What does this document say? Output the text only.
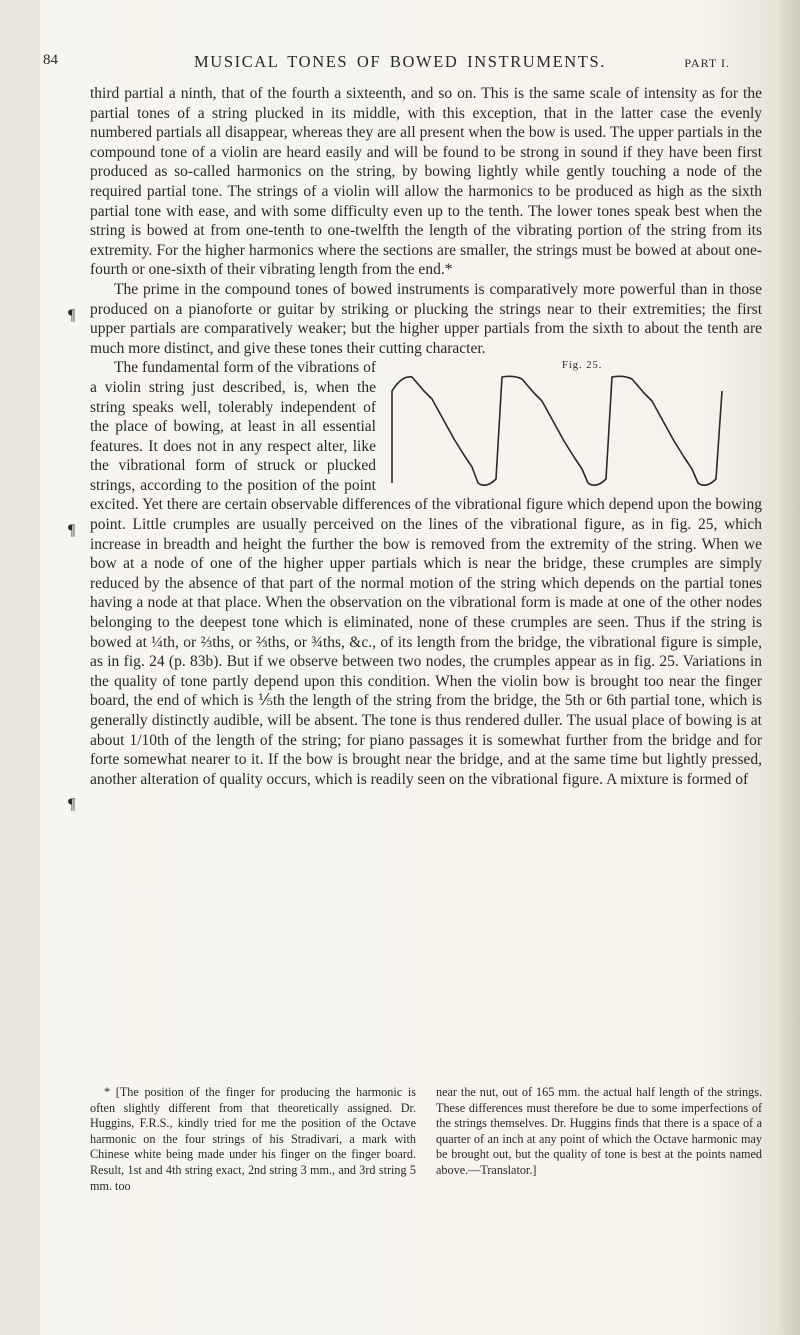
84	MUSICAL TONES OF BOWED INSTRUMENTS.	PART I.
¶
¶
¶

third partial a ninth, that of the fourth a sixteenth, and so on. This is the same scale of intensity as for the partial tones of a string plucked in its middle, with this exception, that in the latter case the evenly numbered partials all disappear, whereas they are all present when the bow is used. The upper partials in the compound tone of a violin are heard easily and will be found to be strong in sound if they have been first produced as so-called harmonics on the string, by bowing lightly while gently touching a node of the required partial tone. The strings of a violin will allow the harmonics to be produced as high as the sixth partial tone with ease, and with some difficulty even up to the tenth. The lower tones speak best when the string is bowed at from one-tenth to one-twelfth the length of the vibrating portion of the string from its extremity. For the higher harmonics where the sections are smaller, the strings must be bowed at about one-fourth or one-sixth of their vibrating length from the end.*

The prime in the compound tones of bowed instruments is comparatively more powerful than in those produced on a pianoforte or guitar by striking or plucking the strings near to their extremities; the first upper partials are comparatively weaker; but the higher upper partials from the sixth to about the tenth are much more distinct, and give these tones their cutting character.

Fig. 25.

The fundamental form of the vibrations of a violin string just described, is, when the string speaks well, tolerably independent of the place of bowing, at least in all essential features. It does not in any respect alter, like the vibrational form of struck or plucked strings, according to the position of the point excited. Yet there are certain observable differences of the vibrational figure which depend upon the bowing point. Little crumples are usually perceived on the lines of the vibrational figure, as in fig. 25, which increase in breadth and height the further the bow is removed from the extremity of the string. When we bow at a node of one of the higher upper partials which is near the bridge, these crumples are simply reduced by the absence of that part of the normal motion of the string which depends on the partial tones having a node at that place. When the observation on the vibrational form is made at one of the other nodes belonging to the deepest tone which is eliminated, none of these crumples are seen. Thus if the string is bowed at ¼th, or ⅔ths, or ⅔ths, or ¾ths, &c., of its length from the bridge, the vibrational figure is simple, as in fig. 24 (p. 83b). But if we observe between two nodes, the crumples appear as in fig. 25. Variations in the quality of tone partly depend upon this condition. When the violin bow is brought too near the finger board, the end of which is ⅕th the length of the string from the bridge, the 5th or 6th partial tone, which is generally distinctly audible, will be absent. The tone is thus rendered duller. The usual place of bowing is at about 1/10th of the length of the string; for piano passages it is somewhat further from the bridge and for forte somewhat nearer to it. If the bow is brought near the bridge, and at the same time but lightly pressed, another alteration of quality occurs, which is readily seen on the vibrational figure. A mixture is formed of

* [The position of the finger for producing the harmonic is often slightly different from that theoretically assigned. Dr. Huggins, F.R.S., kindly tried for me the position of the Octave harmonic on the four strings of his Stradivari, a mark with Chinese white being made under his finger on the finger board. Result, 1st and 4th string exact, 2nd string 3 mm., and 3rd string 5 mm. too

near the nut, out of 165 mm. the actual half length of the strings. These differences must therefore be due to some imperfections of the strings themselves. Dr. Huggins finds that there is a space of a quarter of an inch at any point of which the Octave harmonic may be brought out, but the quality of tone is best at the points named above.—Translator.]
